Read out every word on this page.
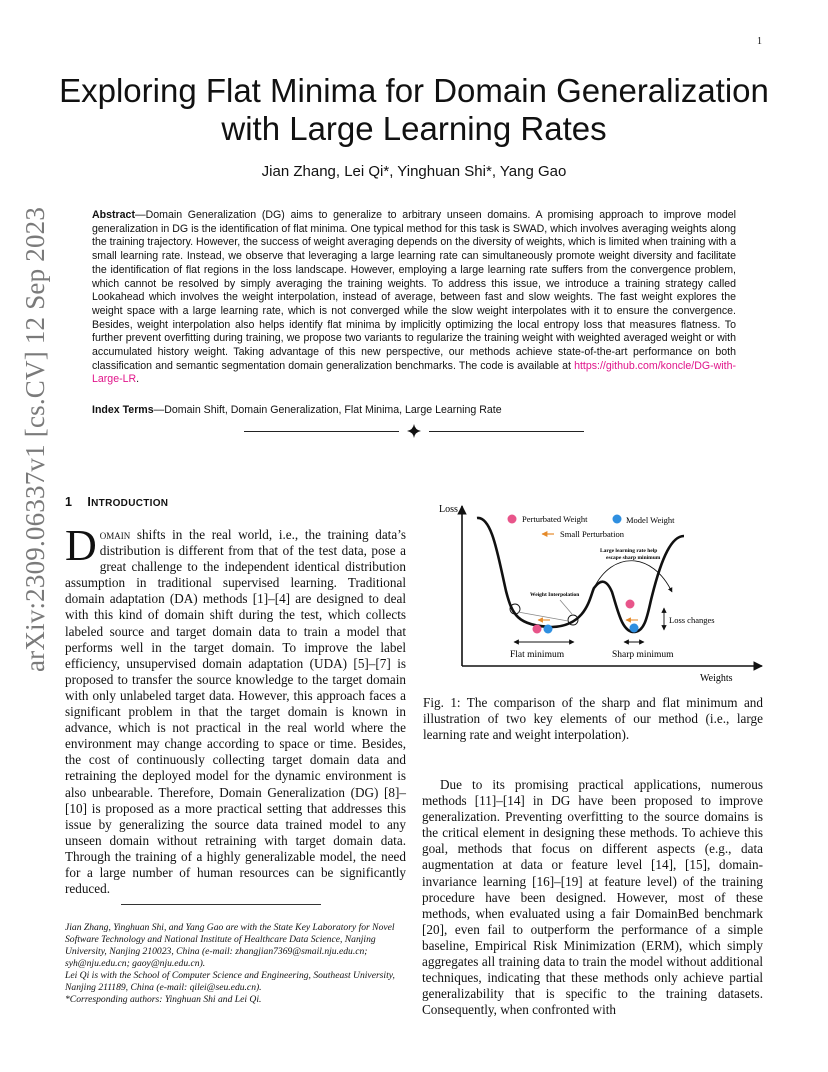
1
arXiv:2309.06337v1 [cs.CV] 12 Sep 2023
Exploring Flat Minima for Domain Generalization with Large Learning Rates
Jian Zhang, Lei Qi*, Yinghuan Shi*, Yang Gao
Abstract—Domain Generalization (DG) aims to generalize to arbitrary unseen domains. A promising approach to improve model generalization in DG is the identification of flat minima. One typical method for this task is SWAD, which involves averaging weights along the training trajectory. However, the success of weight averaging depends on the diversity of weights, which is limited when training with a small learning rate. Instead, we observe that leveraging a large learning rate can simultaneously promote weight diversity and facilitate the identification of flat regions in the loss landscape. However, employing a large learning rate suffers from the convergence problem, which cannot be resolved by simply averaging the training weights. To address this issue, we introduce a training strategy called Lookahead which involves the weight interpolation, instead of average, between fast and slow weights. The fast weight explores the weight space with a large learning rate, which is not converged while the slow weight interpolates with it to ensure the convergence. Besides, weight interpolation also helps identify flat minima by implicitly optimizing the local entropy loss that measures flatness. To further prevent overfitting during training, we propose two variants to regularize the training weight with weighted averaged weight or with accumulated history weight. Taking advantage of this new perspective, our methods achieve state-of-the-art performance on both classification and semantic segmentation domain generalization benchmarks. The code is available at https://github.com/koncle/DG-with-Large-LR.
Index Terms—Domain Shift, Domain Generalization, Flat Minima, Large Learning Rate
1 INTRODUCTION
Domain shifts in the real world, i.e., the training data’s distribution is different from that of the test data, pose a great challenge to the independent identical distribution assumption in traditional supervised learning. Traditional domain adaptation (DA) methods [1]–[4] are designed to deal with this kind of domain shift during the test, which collects labeled source and target domain data to train a model that performs well in the target domain. To improve the label efficiency, unsupervised domain adaptation (UDA) [5]–[7] is proposed to transfer the source knowledge to the target domain with only unlabeled target data. However, this approach faces a significant problem in that the target domain is known in advance, which is not practical in the real world where the environment may change according to space or time. Besides, the cost of continuously collecting target domain data and retraining the deployed model for the dynamic environment is also unbearable. Therefore, Domain Generalization (DG) [8]–[10] is proposed as a more practical setting that addresses this issue by generalizing the source data trained model to any unseen domain without retraining with target domain data. Through the training of a highly generalizable model, the need for a large number of human resources can be significantly reduced.
Jian Zhang, Yinghuan Shi, and Yang Gao are with the State Key Laboratory for Novel Software Technology and National Institute of Healthcare Data Science, Nanjing University, Nanjing 210023, China (e-mail: zhangjian7369@smail.nju.edu.cn; syh@nju.edu.cn; gaoy@nju.edu.cn).
Lei Qi is with the School of Computer Science and Engineering, Southeast University, Nanjing 211189, China (e-mail: qilei@seu.edu.cn).
*Corresponding authors: Yinghuan Shi and Lei Qi.
Loss
Weights
Perturbated Weight	Model Weight
Small Perturbation
Large learning rate help
escape sharp minimum
Weight Interpolation
Loss changes
Flat minimum	Sharp minimum
Fig. 1: The comparison of the sharp and flat minimum and illustration of two key elements of our method (i.e., large learning rate and weight interpolation).
Due to its promising practical applications, numerous methods [11]–[14] in DG have been proposed to improve generalization. Preventing overfitting to the source domains is the critical element in designing these methods. To achieve this goal, methods that focus on different aspects (e.g., data augmentation at data or feature level [14], [15], domain-invariance learning [16]–[19] at feature level) of the training procedure have been designed. However, most of these methods, when evaluated using a fair DomainBed benchmark [20], even fail to outperform the performance of a simple baseline, Empirical Risk Minimization (ERM), which simply aggregates all training data to train the model without additional techniques, indicating that these methods only achieve partial generalizability that is specific to the training datasets. Consequently, when confronted with
